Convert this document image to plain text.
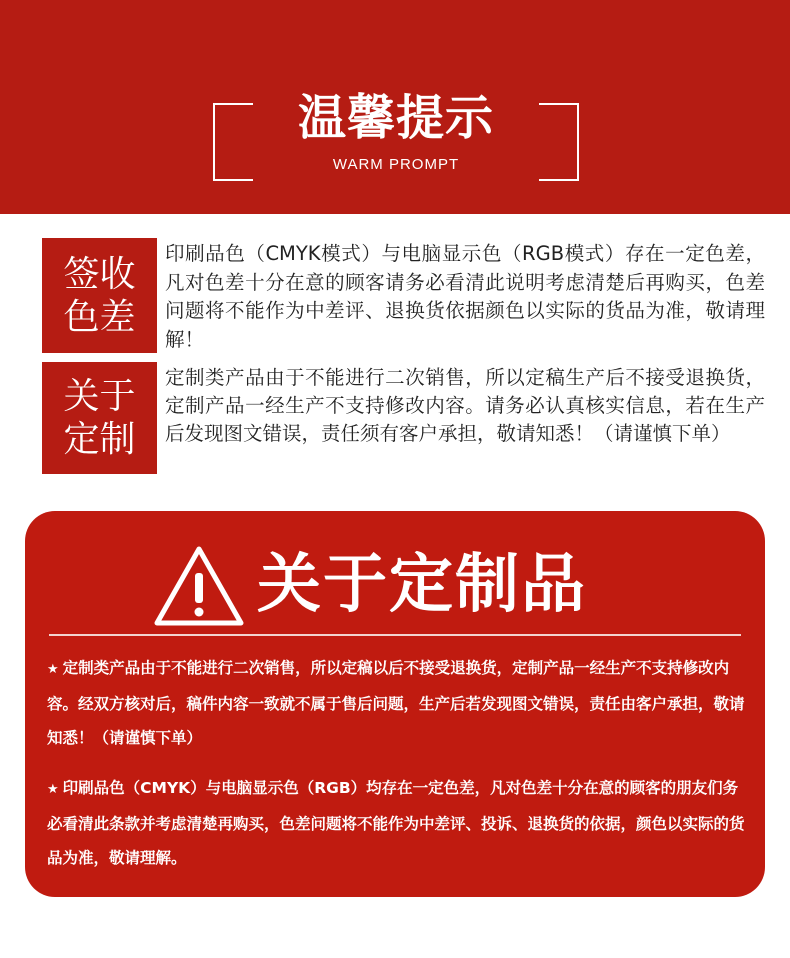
温馨提示
WARM PROMPT
签收色差
印刷品色（CMYK模式）与电脑显示色（RGB模式）存在一定色差，凡对色差十分在意的顾客请务必看清此说明考虑清楚后再购买，色差问题将不能作为中差评、退换货依据颜色以实际的货品为准，敬请理解！
关于定制
定制类产品由于不能进行二次销售，所以定稿生产后不接受退换货，定制产品一经生产不支持修改内容。请务必认真核实信息，若在生产后发现图文错误，责任须有客户承担，敬请知悉！（请谨慎下单）
关于定制品
★ 定制类产品由于不能进行二次销售，所以定稿以后不接受退换货，定制产品一经生产不支持修改内容。经双方核对后，稿件内容一致就不属于售后问题，生产后若发现图文错误，责任由客户承担，敬请知悉！（请谨慎下单）
★ 印刷品色（CMYK）与电脑显示色（RGB）均存在一定色差，凡对色差十分在意的顾客的朋友们务必看清此条款并考虑清楚再购买，色差问题将不能作为中差评、投诉、退换货的依据，颜色以实际的货品为准，敬请理解。
